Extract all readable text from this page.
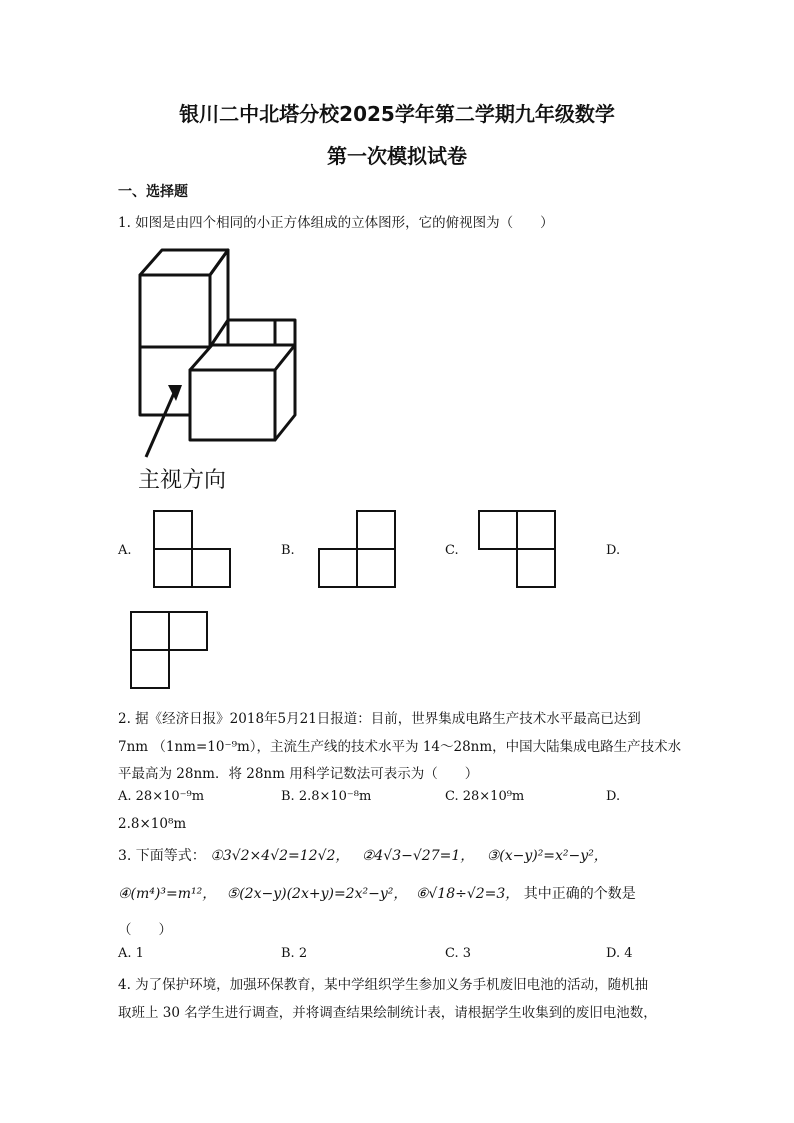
银川二中北塔分校2025学年第二学期九年级数学
第一次模拟试卷
一、选择题
1. 如图是由四个相同的小正方体组成的立体图形，它的俯视图为（　　）
主视方向
A.	B.	C.	D.
2. 据《经济日报》2018年5月21日报道：目前，世界集成电路生产技术水平最高已达到
7nm （1nm=10⁻⁹m），主流生产线的技术水平为 14～28nm，中国大陆集成电路生产技术水
平最高为 28nm．将 28nm 用科学记数法可表示为（　　）
A. 28×10⁻⁹m	B. 2.8×10⁻⁸m	C. 28×10⁹m	D.
2.8×10⁸m
3. 下面等式： ①3√2×4√2=12√2， ②4√3−√27=1， ③(x−y)²=x²−y²，
④(m⁴)³=m¹²， ⑤(2x−y)(2x+y)=2x²−y²， ⑥√18÷√2=3， 其中正确的个数是
（　　）
A. 1	B. 2	C. 3	D. 4
4. 为了保护环境，加强环保教育，某中学组织学生参加义务手机废旧电池的活动，随机抽
取班上 30 名学生进行调查，并将调查结果绘制统计表，请根据学生收集到的废旧电池数，
